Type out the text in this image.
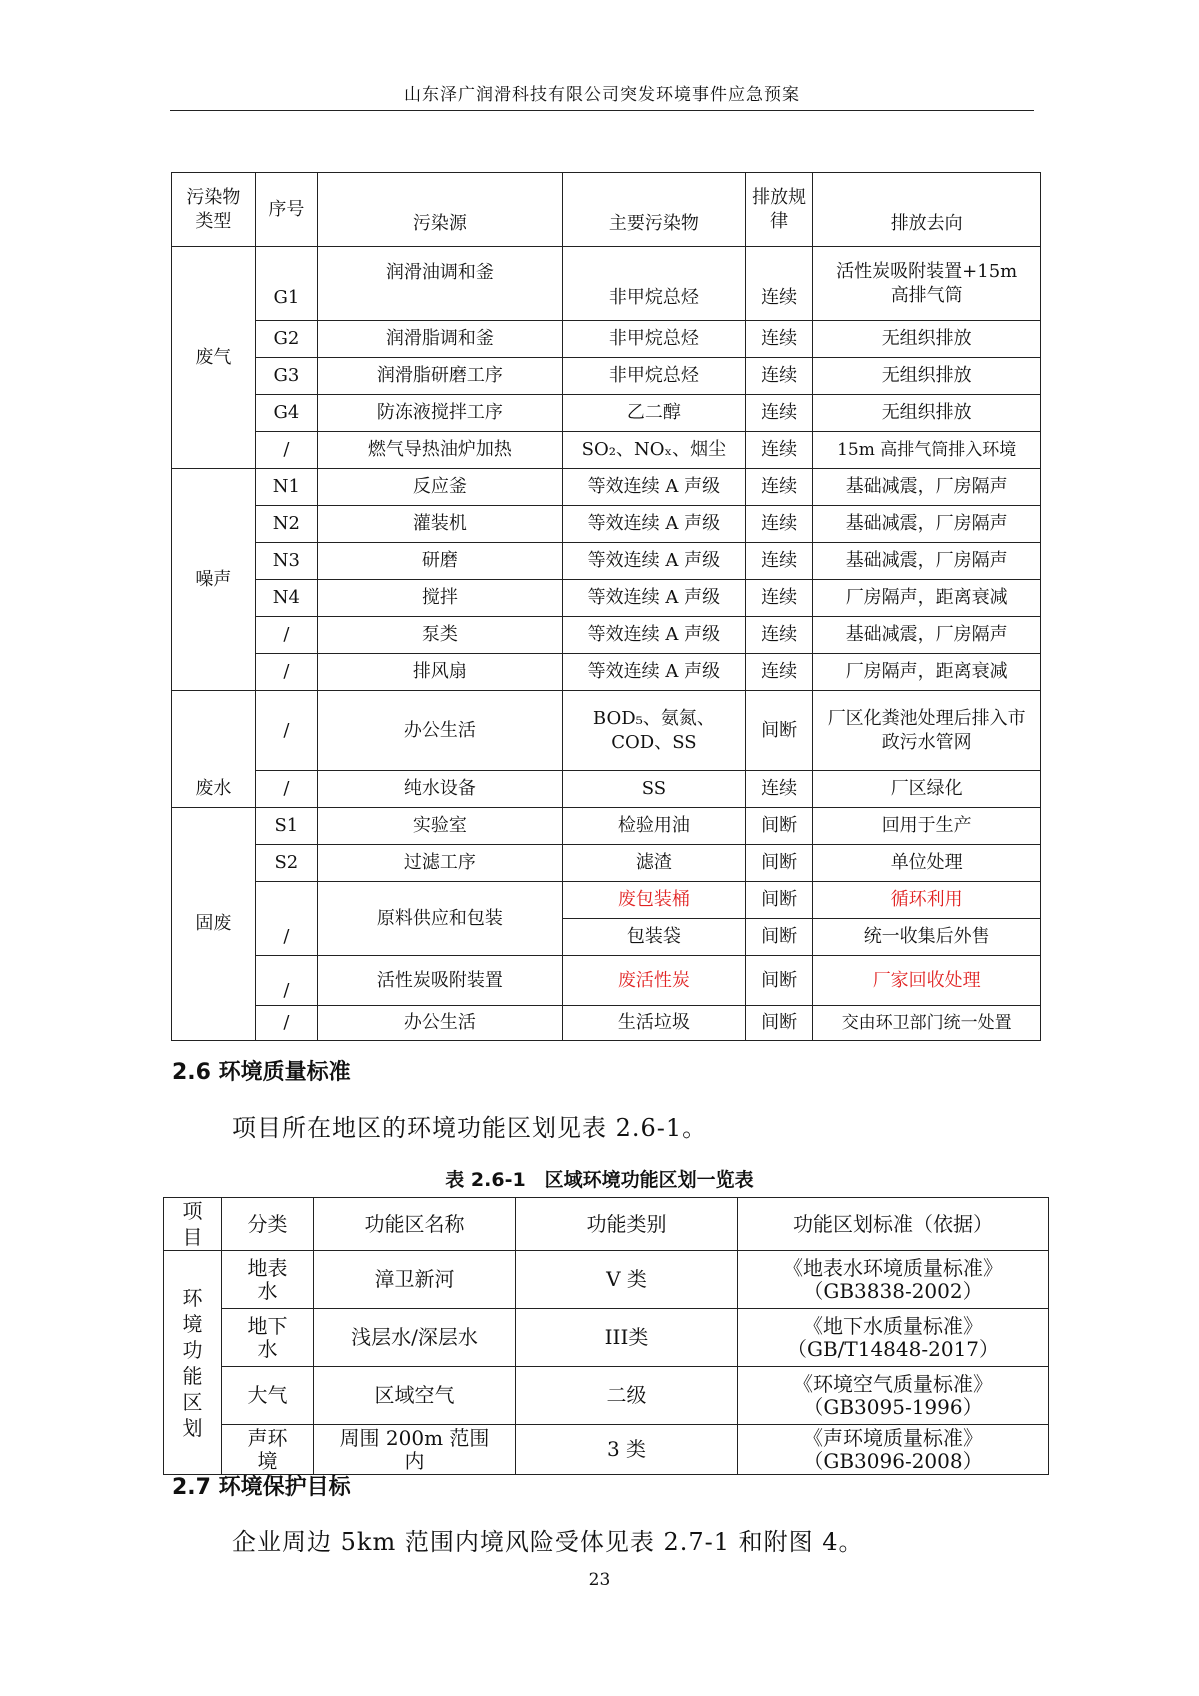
山东泽广润滑科技有限公司突发环境事件应急预案
污染物类型	序号	污染源	主要污染物	排放规律	排放去向
废气	G1	润滑油调和釜	非甲烷总烃	连续	活性炭吸附装置+15m高排气筒
	G2	润滑脂调和釜	非甲烷总烃	连续	无组织排放
	G3	润滑脂研磨工序	非甲烷总烃	连续	无组织排放
	G4	防冻液搅拌工序	乙二醇	连续	无组织排放
	/	燃气导热油炉加热	SO₂、NOₓ、烟尘	连续	15m 高排气筒排入环境
噪声	N1	反应釜	等效连续 A 声级	连续	基础减震，厂房隔声
	N2	灌装机	等效连续 A 声级	连续	基础减震，厂房隔声
	N3	研磨	等效连续 A 声级	连续	基础减震，厂房隔声
	N4	搅拌	等效连续 A 声级	连续	厂房隔声，距离衰减
	/	泵类	等效连续 A 声级	连续	基础减震，厂房隔声
	/	排风扇	等效连续 A 声级	连续	厂房隔声，距离衰减
废水	/	办公生活	BOD₅、氨氮、COD、SS	间断	厂区化粪池处理后排入市政污水管网
	/	纯水设备	SS	连续	厂区绿化
固废	S1	实验室	检验用油	间断	回用于生产
	S2	过滤工序	滤渣	间断	单位处理
	/	原料供应和包装	废包装桶	间断	循环利用
			包装袋	间断	统一收集后外售
	/	活性炭吸附装置	废活性炭	间断	厂家回收处理
	/	办公生活	生活垃圾	间断	交由环卫部门统一处置
2.6 环境质量标准
项目所在地区的环境功能区划见表 2.6-1。
表 2.6-1　区域环境功能区划一览表
项目	分类	功能区名称	功能类别	功能区划标准（依据）
环境功能区划	地表水	漳卫新河	V 类	《地表水环境质量标准》
（GB3838-2002）

	地下水	浅层水/深层水	III类	《地下水质量标准》
（GB/T14848-2017）

	大气	区域空气	二级	《环境空气质量标准》
（GB3095-1996）

	声环境	周围 200m 范围内	3 类	《声环境质量标准》
（GB3096-2008）
2.7 环境保护目标
企业周边 5km 范围内境风险受体见表 2.7-1 和附图 4。
23
